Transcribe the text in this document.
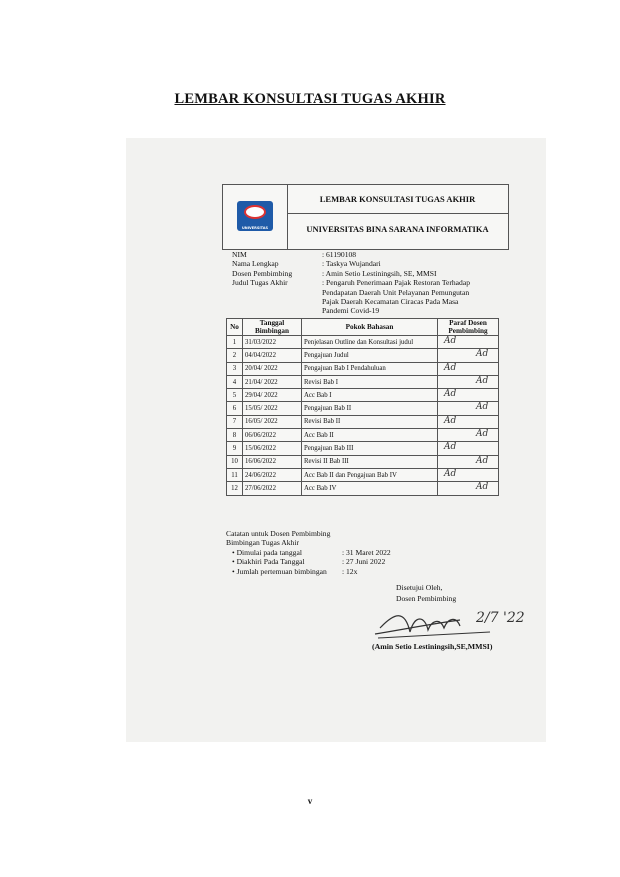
LEMBAR KONSULTASI TUGAS AKHIR
UNIVERSITAS
LEMBAR KONSULTASI TUGAS AKHIR
UNIVERSITAS BINA SARANA INFORMATIKA
NIM	: 61190108
Nama Lengkap	: Taskya Wujandari
Dosen Pembimbing	: Amin Setio Lestiningsih, SE, MMSI
Judul Tugas Akhir	: Pengaruh Penerimaan Pajak Restoran Terhadap Pendapatan Daerah Unit Pelayanan Pemungutan Pajak Daerah Kecamatan Ciracas Pada Masa Pandemi Covid-19
No	Tanggal Bimbingan	Pokok Bahasan	Paraf Dosen Pembimbing
1	31/03/2022	Penjelasan Outline dan Konsultasi judul	Ad

2	04/04/2022	Pengajuan Judul	Ad

3	20/04/ 2022	Pengajuan Bab I Pendahuluan	Ad

4	21/04/ 2022	Revisi Bab I	Ad

5	29/04/ 2022	Acc Bab I	Ad

6	15/05/ 2022	Pengajuan Bab II	Ad

7	16/05/ 2022	Revisi Bab II	Ad

8	06/06/2022	Acc Bab II	Ad

9	15/06/2022	Pengajuan Bab III	Ad

10	16/06/2022	Revisi II Bab III	Ad

11	24/06/2022	Acc Bab II dan Pengajuan Bab IV	Ad

12	27/06/2022	Acc Bab IV	Ad
Catatan untuk Dosen Pembimbing
Bimbingan Tugas Akhir
• Dimulai pada tanggal	: 31 Maret 2022
• Diakhiri Pada Tanggal	: 27 Juni 2022
• Jumlah pertemuan bimbingan	: 12x
Disetujui Oleh,
Dosen Pembimbing
2/7 '22
(Amin Setio Lestiningsih,SE,MMSI)
v
